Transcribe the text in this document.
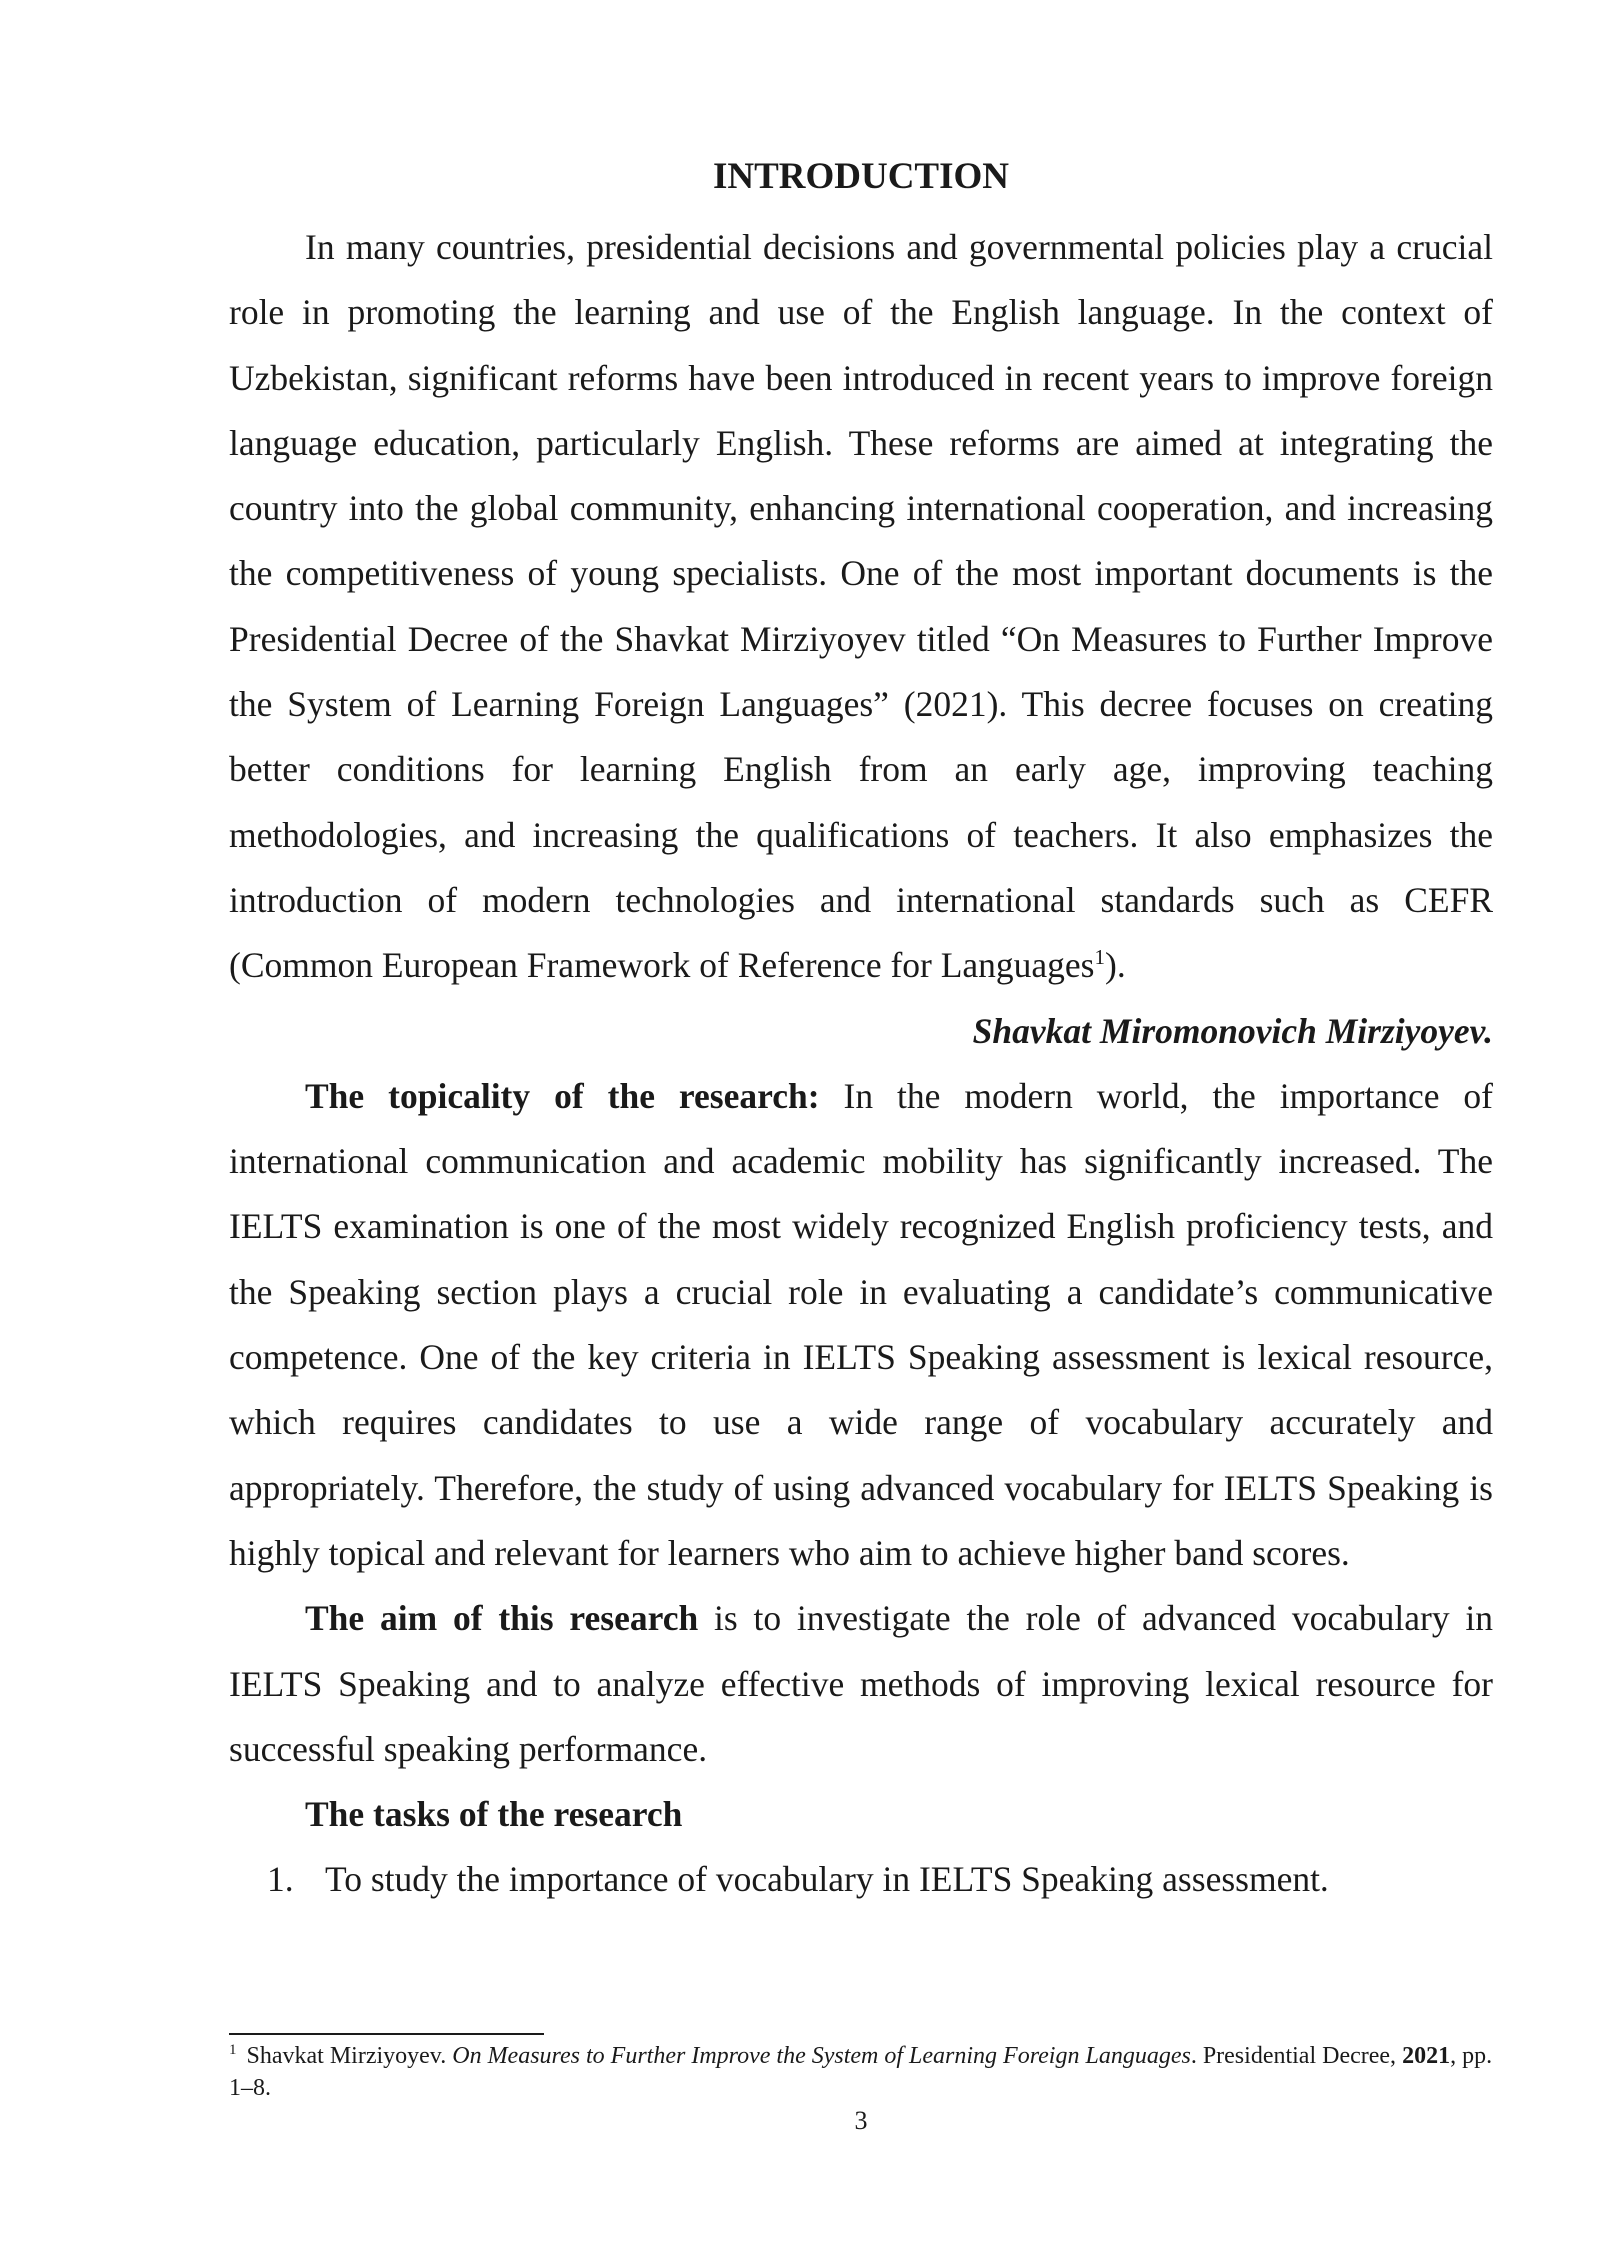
INTRODUCTION

In many countries, presidential decisions and governmental policies play a crucial role in promoting the learning and use of the English language. In the context of Uzbekistan, significant reforms have been introduced in recent years to improve foreign language education, particularly English. These reforms are aimed at integrating the country into the global community, enhancing international cooperation, and increasing the competitiveness of young specialists. One of the most important documents is the Presidential Decree of the Shavkat Mirziyoyev titled “On Measures to Further Improve the System of Learning Foreign Languages” (2021). This decree focuses on creating better conditions for learning English from an early age, improving teaching methodologies, and increasing the qualifications of teachers. It also emphasizes the introduction of modern technologies and international standards such as CEFR (Common European Framework of Reference for Languages$^1$).

Shavkat Miromonovich Mirziyoyev.

The topicality of the research: In the modern world, the importance of international communication and academic mobility has significantly increased. The IELTS examination is one of the most widely recognized English proficiency tests, and the Speaking section plays a crucial role in evaluating a candidate’s communicative competence. One of the key criteria in IELTS Speaking assessment is lexical resource, which requires candidates to use a wide range of vocabulary accurately and appropriately. Therefore, the study of using advanced vocabulary for IELTS Speaking is highly topical and relevant for learners who aim to achieve higher band scores.

The aim of this research is to investigate the role of advanced vocabulary in IELTS Speaking and to analyze effective methods of improving lexical resource for successful speaking performance.

The tasks of the research

1. To study the importance of vocabulary in IELTS Speaking assessment.

$^1$ Shavkat Mirziyoyev. On Measures to Further Improve the System of Learning Foreign Languages. Presidential Decree, 2021, pp. 1–8.

3
